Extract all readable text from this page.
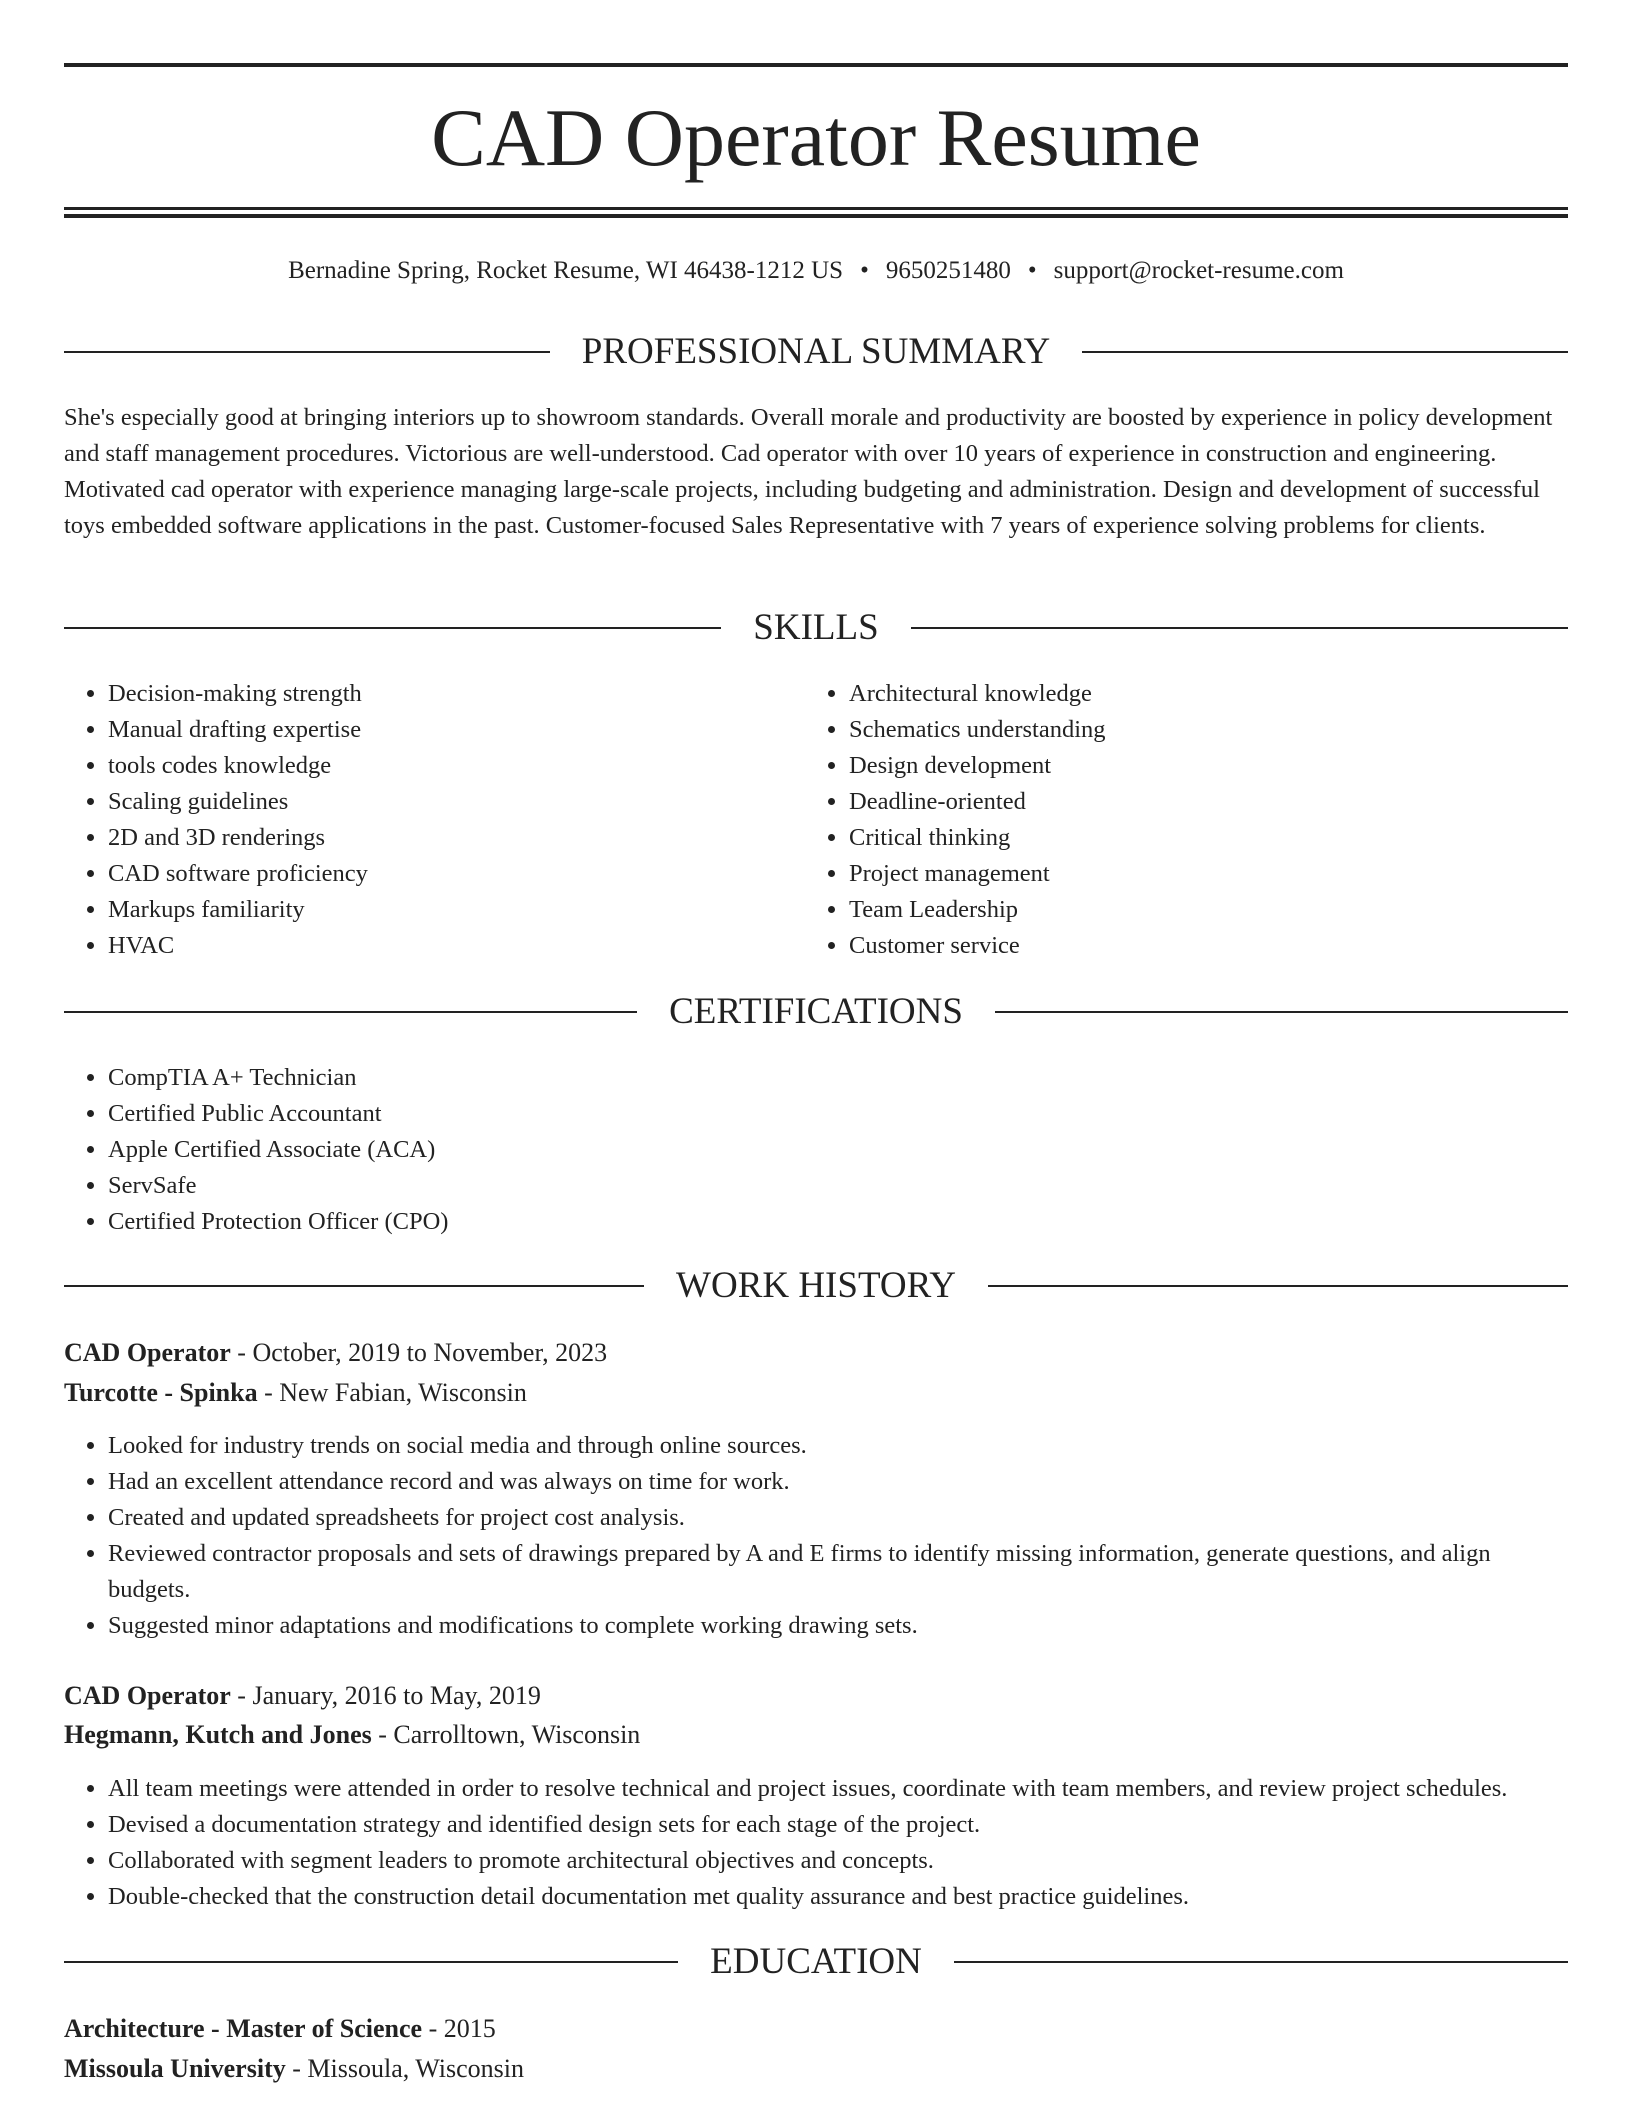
CAD Operator Resume
Bernadine Spring, Rocket Resume, WI 46438-1212 US • 9650251480 • support@rocket-resume.com
PROFESSIONAL SUMMARY

She's especially good at bringing interiors up to showroom standards. Overall morale and productivity are boosted by experience in policy development and staff management procedures. Victorious are well-understood. Cad operator with over 10 years of experience in construction and engineering. Motivated cad operator with experience managing large-scale projects, including budgeting and administration. Design and development of successful toys embedded software applications in the past. Customer-focused Sales Representative with 7 years of experience solving problems for clients.

SKILLS
• Decision-making strength
• Manual drafting expertise
• tools codes knowledge
• Scaling guidelines
• 2D and 3D renderings
• CAD software proficiency
• Markups familiarity
• HVAC
• Architectural knowledge
• Schematics understanding
• Design development
• Deadline-oriented
• Critical thinking
• Project management
• Team Leadership
• Customer service
CERTIFICATIONS
• CompTIA A+ Technician
• Certified Public Accountant
• Apple Certified Associate (ACA)
• ServSafe
• Certified Protection Officer (CPO)
WORK HISTORY
CAD Operator - October, 2019 to November, 2023
Turcotte - Spinka - New Fabian, Wisconsin
• Looked for industry trends on social media and through online sources.
• Had an excellent attendance record and was always on time for work.
• Created and updated spreadsheets for project cost analysis.
• Reviewed contractor proposals and sets of drawings prepared by A and E firms to identify missing information, generate questions, and align budgets.
• Suggested minor adaptations and modifications to complete working drawing sets.
CAD Operator - January, 2016 to May, 2019
Hegmann, Kutch and Jones - Carrolltown, Wisconsin
• All team meetings were attended in order to resolve technical and project issues, coordinate with team members, and review project schedules.
• Devised a documentation strategy and identified design sets for each stage of the project.
• Collaborated with segment leaders to promote architectural objectives and concepts.
• Double-checked that the construction detail documentation met quality assurance and best practice guidelines.
EDUCATION
Architecture - Master of Science - 2015
Missoula University - Missoula, Wisconsin
